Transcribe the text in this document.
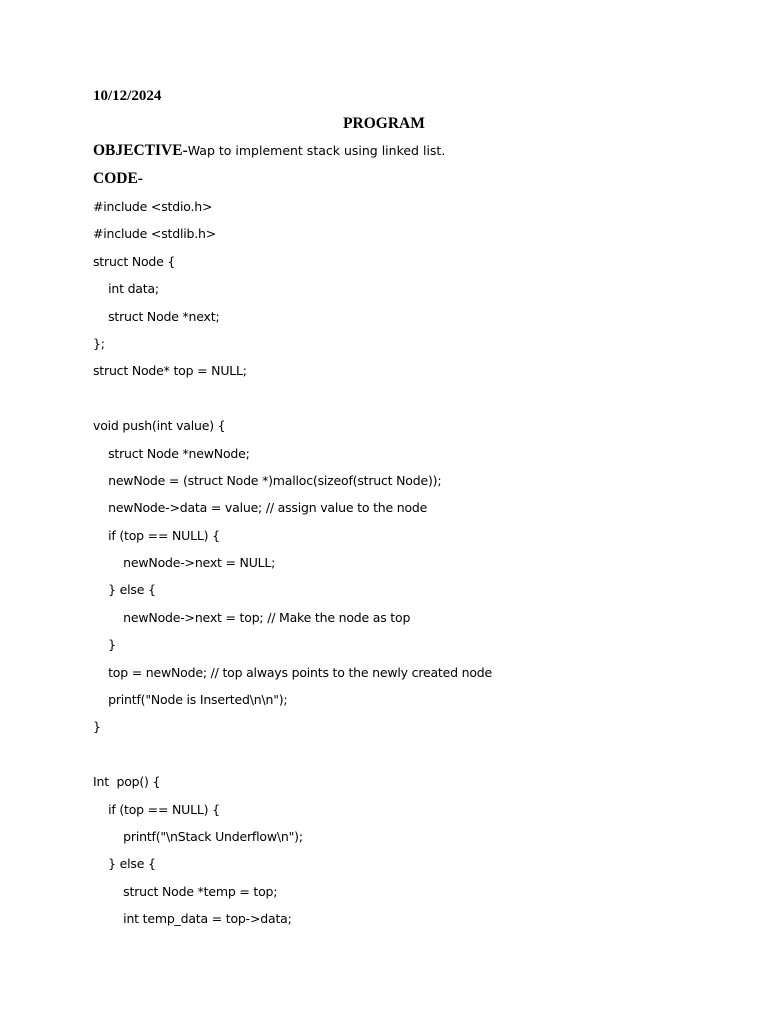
10/12/2024
PROGRAM
OBJECTIVE-Wap to implement stack using linked list.
CODE-
#include <stdio.h>
#include <stdlib.h>
struct Node {
int data;
struct Node *next;
};
struct Node* top = NULL;
void push(int value) {
struct Node *newNode;
newNode = (struct Node *)malloc(sizeof(struct Node));
newNode->data = value; // assign value to the node
if (top == NULL) {
newNode->next = NULL;
} else {
newNode->next = top; // Make the node as top
}
top = newNode; // top always points to the newly created node
printf("Node is Inserted\n\n");
}
Int  pop() {
if (top == NULL) {
printf("\nStack Underflow\n");
} else {
struct Node *temp = top;
int temp_data = top->data;
